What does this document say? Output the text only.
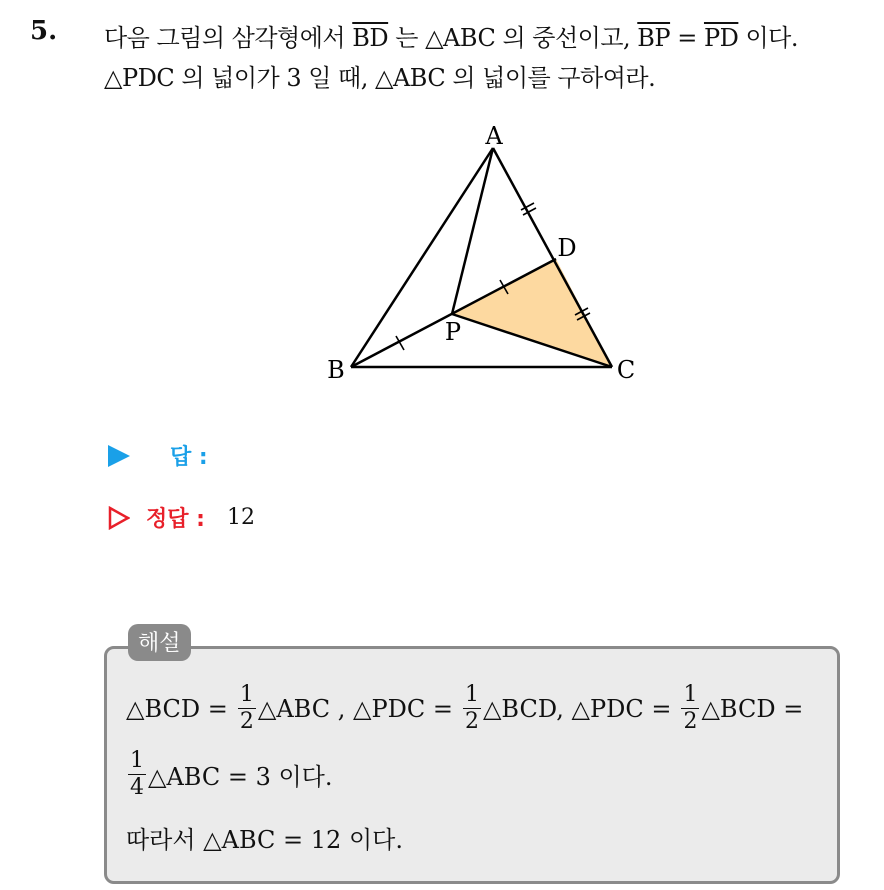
5. 다음 그림의 삼각형에서 $\overline{BD}$ 는 △ABC 의 중선이고, $\overline{BP} = \overline{PD}$ 이다.
△PDC 의 넓이가 3 일 때, △ABC 의 넓이를 구하여라.
A
B	C
D
P
답 :
정답 : 12
해설
△BCD = $\frac{1}{2}$ △ABC , △PDC = $\frac{1}{2}$ △BCD, △PDC = $\frac{1}{2}$ △BCD =
$\frac{1}{4}$ △ABC = 3 이다.
따라서 △ABC = 12 이다.
